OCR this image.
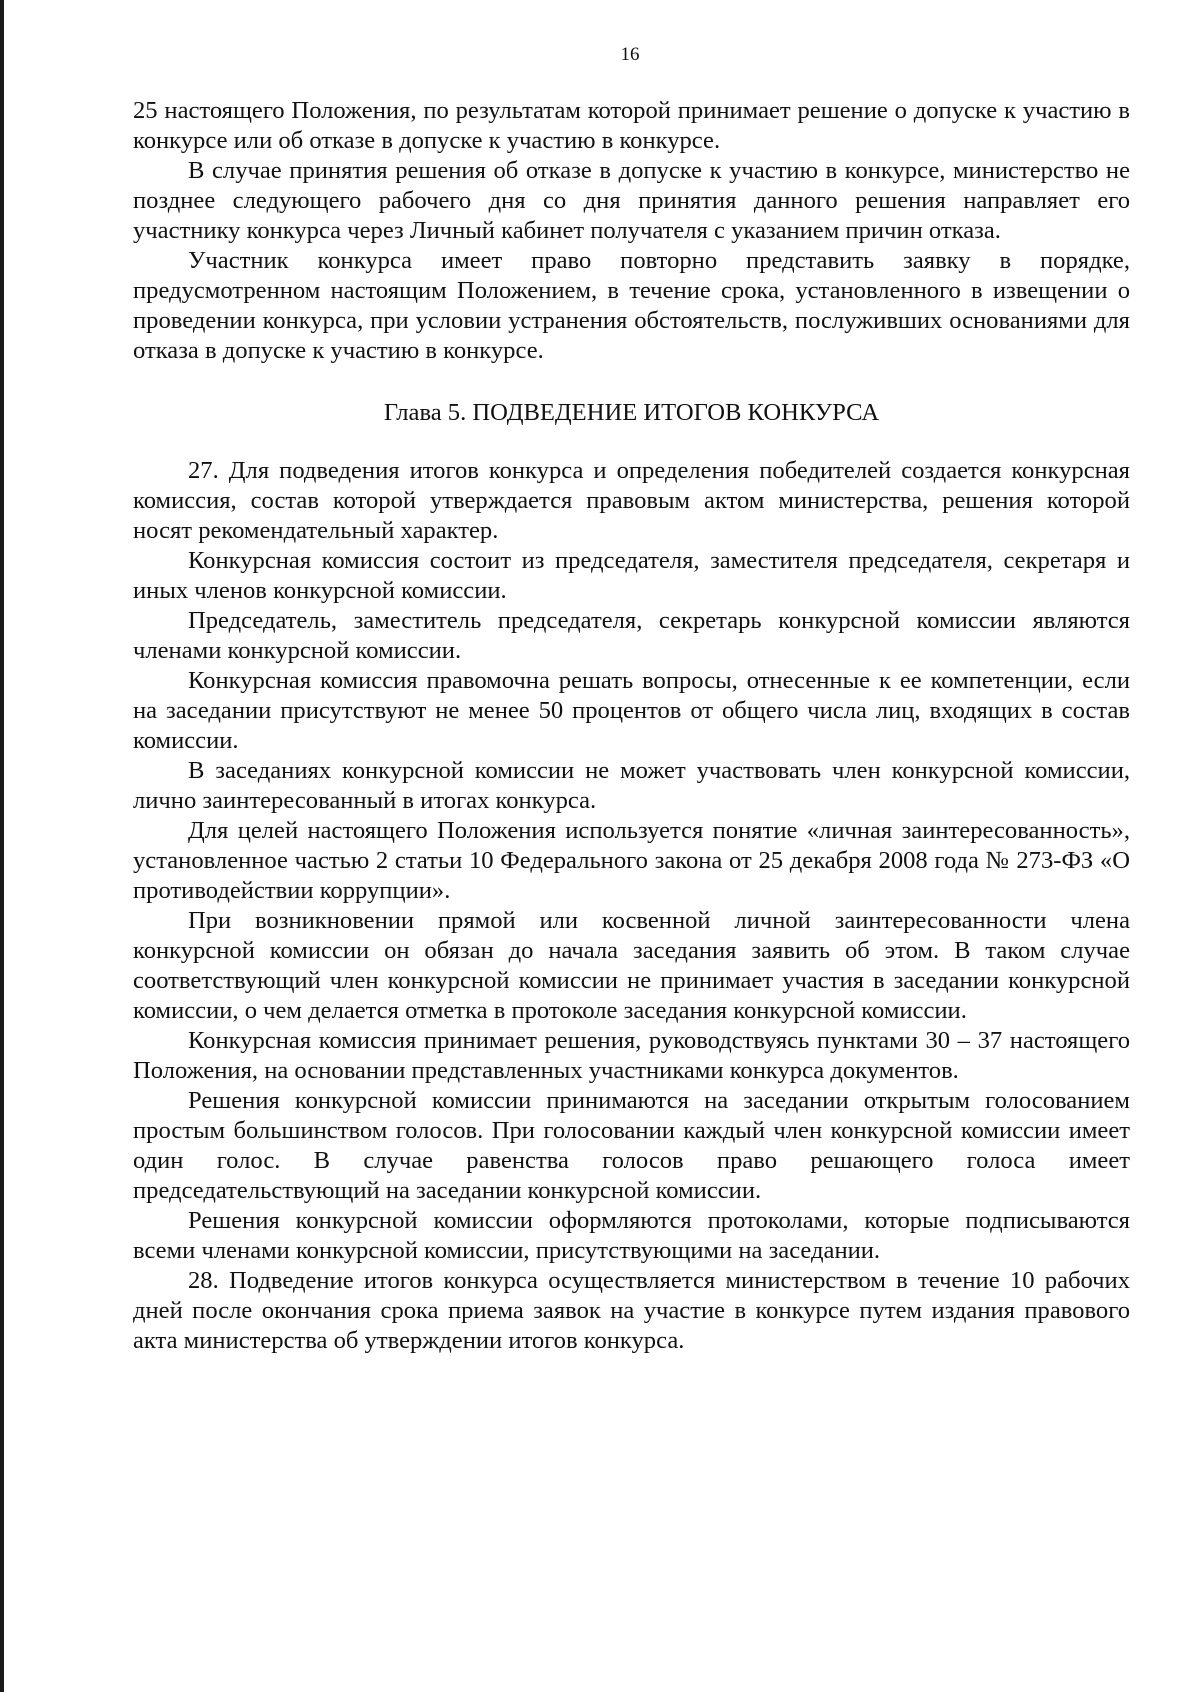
16

25 настоящего Положения, по результатам которой принимает решение о допуске к участию в конкурсе или об отказе в допуске к участию в конкурсе.

В случае принятия решения об отказе в допуске к участию в конкурсе, министерство не позднее следующего рабочего дня со дня принятия данного решения направляет его участнику конкурса через Личный кабинет получателя с указанием причин отказа.

Участник конкурса имеет право повторно представить заявку в порядке, предусмотренном настоящим Положением, в течение срока, установленного в извещении о проведении конкурса, при условии устранения обстоятельств, послуживших основаниями для отказа в допуске к участию в конкурсе.

Глава 5. ПОДВЕДЕНИЕ ИТОГОВ КОНКУРСА

27. Для подведения итогов конкурса и определения победителей создается конкурсная комиссия, состав которой утверждается правовым актом министерства, решения которой носят рекомендательный характер.

Конкурсная комиссия состоит из председателя, заместителя председателя, секретаря и иных членов конкурсной комиссии.

Председатель, заместитель председателя, секретарь конкурсной комиссии являются членами конкурсной комиссии.

Конкурсная комиссия правомочна решать вопросы, отнесенные к ее компетенции, если на заседании присутствуют не менее 50 процентов от общего числа лиц, входящих в состав комиссии.

В заседаниях конкурсной комиссии не может участвовать член конкурсной комиссии, лично заинтересованный в итогах конкурса.

Для целей настоящего Положения используется понятие «личная заинтересованность», установленное частью 2 статьи 10 Федерального закона от 25 декабря 2008 года № 273-ФЗ «О противодействии коррупции».

При возникновении прямой или косвенной личной заинтересованности члена конкурсной комиссии он обязан до начала заседания заявить об этом. В таком случае соответствующий член конкурсной комиссии не принимает участия в заседании конкурсной комиссии, о чем делается отметка в протоколе заседания конкурсной комиссии.

Конкурсная комиссия принимает решения, руководствуясь пунктами 30 – 37 настоящего Положения, на основании представленных участниками конкурса документов.

Решения конкурсной комиссии принимаются на заседании открытым голосованием простым большинством голосов. При голосовании каждый член конкурсной комиссии имеет один голос. В случае равенства голосов право решающего голоса имеет председательствующий на заседании конкурсной комиссии.

Решения конкурсной комиссии оформляются протоколами, которые подписываются всеми членами конкурсной комиссии, присутствующими на заседании.

28. Подведение итогов конкурса осуществляется министерством в течение 10 рабочих дней после окончания срока приема заявок на участие в конкурсе путем издания правового акта министерства об утверждении итогов конкурса.
